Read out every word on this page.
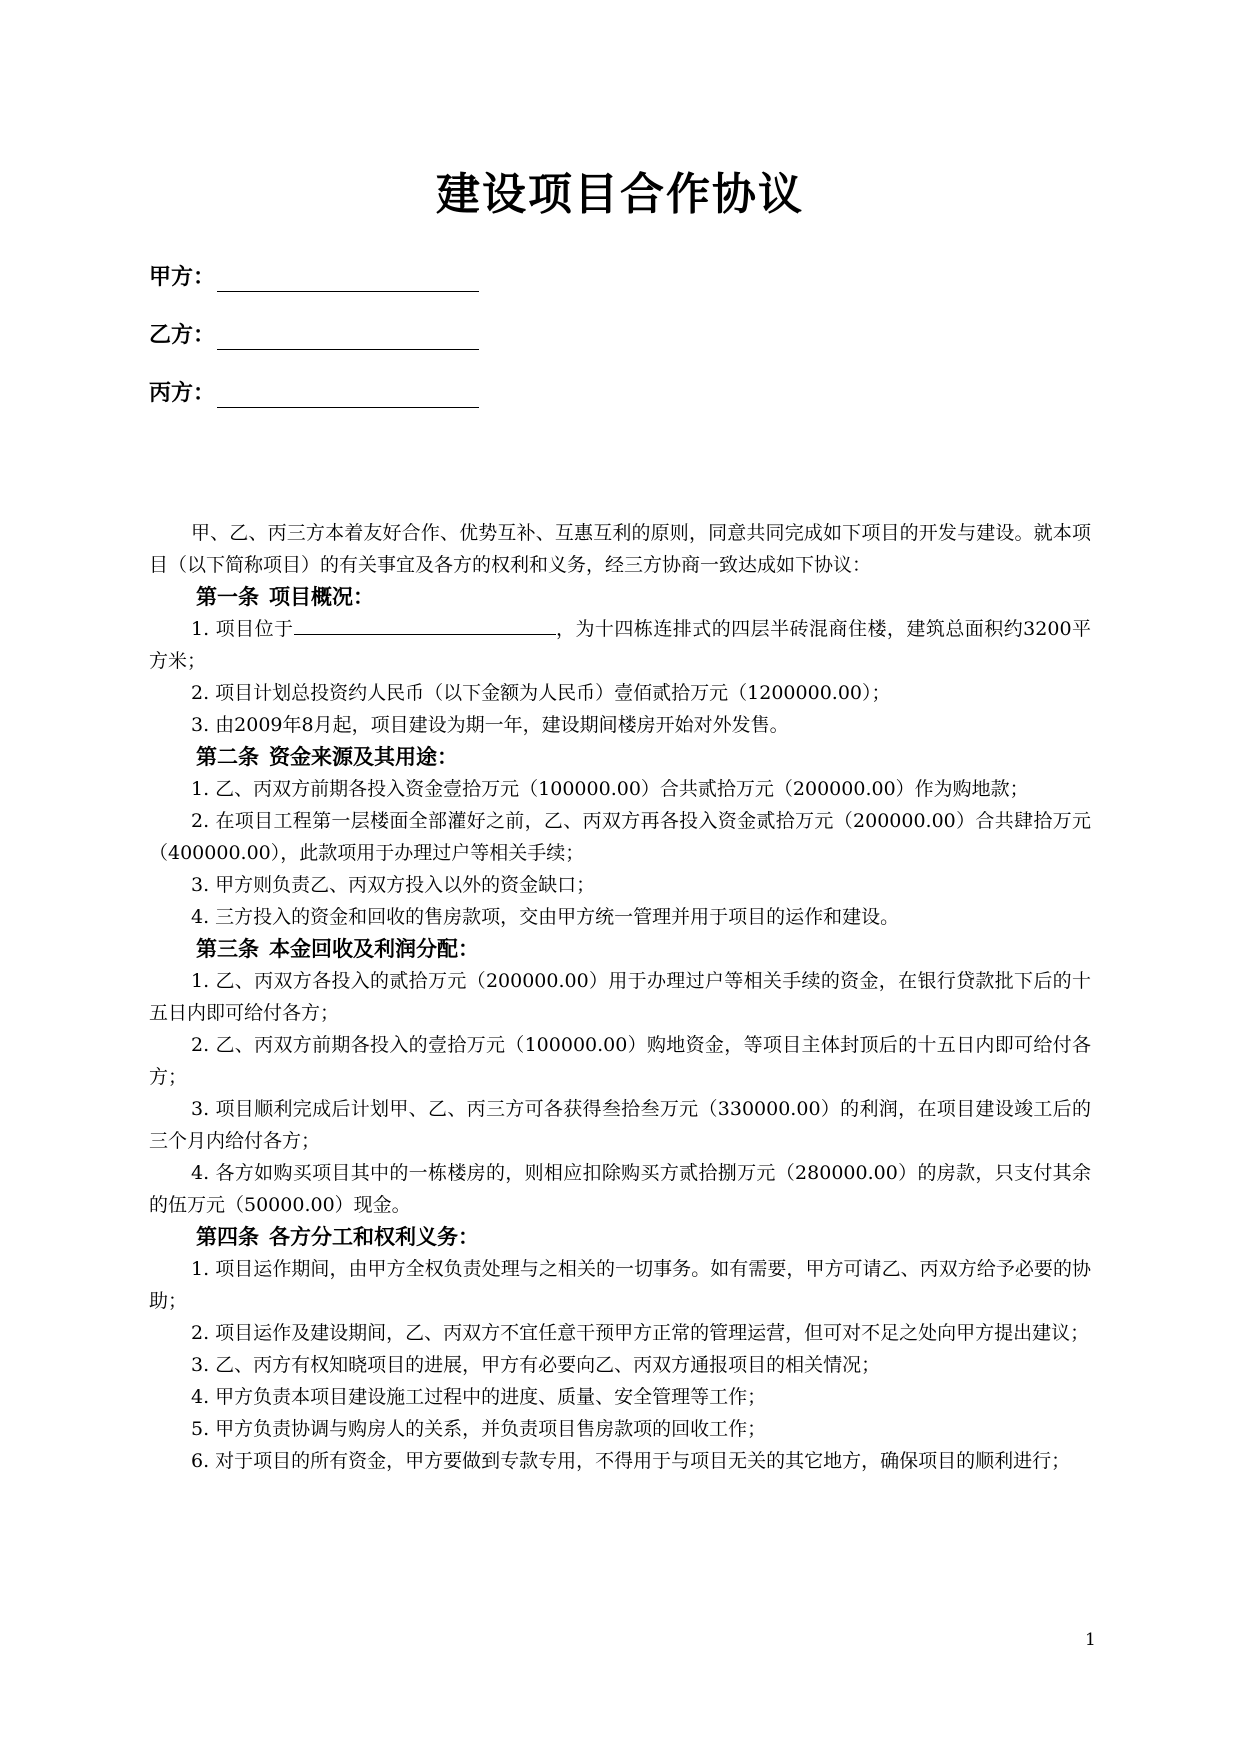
建设项目合作协议
甲方：
乙方：
丙方：

甲、乙、丙三方本着友好合作、优势互补、互惠互利的原则，同意共同完成如下项目的开发与建设。就本项目（以下简称项目）的有关事宜及各方的权利和义务，经三方协商一致达成如下协议：

第一条 项目概况：

1. 项目位于	，为十四栋连排式的四层半砖混商住楼，建筑总面积约3200平方米；

2. 项目计划总投资约人民币（以下金额为人民币）壹佰贰拾万元（1200000.00）；

3. 由2009年8月起，项目建设为期一年，建设期间楼房开始对外发售。

第二条 资金来源及其用途：

1. 乙、丙双方前期各投入资金壹拾万元（100000.00）合共贰拾万元（200000.00）作为购地款；

2. 在项目工程第一层楼面全部灌好之前，乙、丙双方再各投入资金贰拾万元（200000.00）合共肆拾万元（400000.00），此款项用于办理过户等相关手续；

3. 甲方则负责乙、丙双方投入以外的资金缺口；

4. 三方投入的资金和回收的售房款项，交由甲方统一管理并用于项目的运作和建设。

第三条 本金回收及利润分配：

1. 乙、丙双方各投入的贰拾万元（200000.00）用于办理过户等相关手续的资金，在银行贷款批下后的十五日内即可给付各方；

2. 乙、丙双方前期各投入的壹拾万元（100000.00）购地资金，等项目主体封顶后的十五日内即可给付各方；

3. 项目顺利完成后计划甲、乙、丙三方可各获得叁拾叁万元（330000.00）的利润，在项目建设竣工后的三个月内给付各方；

4. 各方如购买项目其中的一栋楼房的，则相应扣除购买方贰拾捌万元（280000.00）的房款，只支付其余的伍万元（50000.00）现金。

第四条 各方分工和权利义务：

1. 项目运作期间，由甲方全权负责处理与之相关的一切事务。如有需要，甲方可请乙、丙双方给予必要的协助；

2. 项目运作及建设期间，乙、丙双方不宜任意干预甲方正常的管理运营，但可对不足之处向甲方提出建议；

3. 乙、丙方有权知晓项目的进展，甲方有必要向乙、丙双方通报项目的相关情况；

4. 甲方负责本项目建设施工过程中的进度、质量、安全管理等工作；

5. 甲方负责协调与购房人的关系，并负责项目售房款项的回收工作；

6. 对于项目的所有资金，甲方要做到专款专用，不得用于与项目无关的其它地方，确保项目的顺利进行；

1
